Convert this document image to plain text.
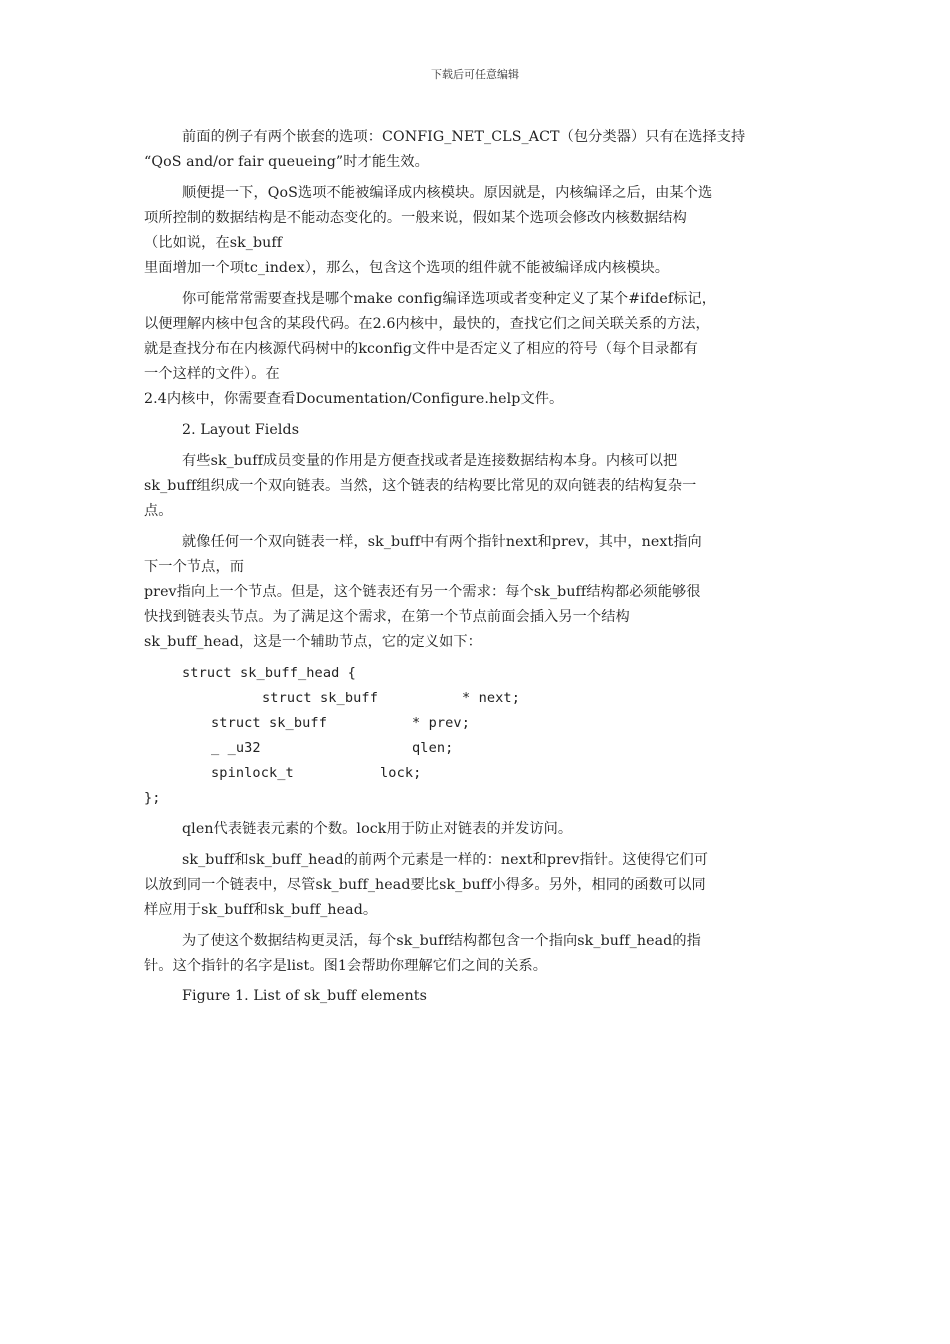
下载后可任意编辑
前面的例子有两个嵌套的选项：CONFIG_NET_CLS_ACT（包分类器）只有在选择支持
“QoS and/or fair queueing”时才能生效。
顺便提一下，QoS选项不能被编译成内核模块。原因就是，内核编译之后，由某个选
项所控制的数据结构是不能动态变化的。一般来说，假如某个选项会修改内核数据结构
（比如说，在sk_buff
里面增加一个项tc_index），那么，包含这个选项的组件就不能被编译成内核模块。
你可能常常需要查找是哪个make config编译选项或者变种定义了某个#ifdef标记，
以便理解内核中包含的某段代码。在2.6内核中，最快的，查找它们之间关联关系的方法，
就是查找分布在内核源代码树中的kconfig文件中是否定义了相应的符号（每个目录都有
一个这样的文件）。在
2.4内核中，你需要查看Documentation/Configure.help文件。
2. Layout Fields
有些sk_buff成员变量的作用是方便查找或者是连接数据结构本身。内核可以把
sk_buff组织成一个双向链表。当然，这个链表的结构要比常见的双向链表的结构复杂一
点。
就像任何一个双向链表一样，sk_buff中有两个指针next和prev，其中，next指向
下一个节点，而
prev指向上一个节点。但是，这个链表还有另一个需求：每个sk_buff结构都必须能够很
快找到链表头节点。为了满足这个需求，在第一个节点前面会插入另一个结构
sk_buff_head，这是一个辅助节点，它的定义如下：
struct sk_buff_head {
struct sk_buff	* next;
struct sk_buff	* prev;
_ _u32	qlen;
spinlock_t	lock;
};
qlen代表链表元素的个数。lock用于防止对链表的并发访问。
sk_buff和sk_buff_head的前两个元素是一样的：next和prev指针。这使得它们可
以放到同一个链表中，尽管sk_buff_head要比sk_buff小得多。另外，相同的函数可以同
样应用于sk_buff和sk_buff_head。
为了使这个数据结构更灵活，每个sk_buff结构都包含一个指向sk_buff_head的指
针。这个指针的名字是list。图1会帮助你理解它们之间的关系。
Figure 1. List of sk_buff elements
